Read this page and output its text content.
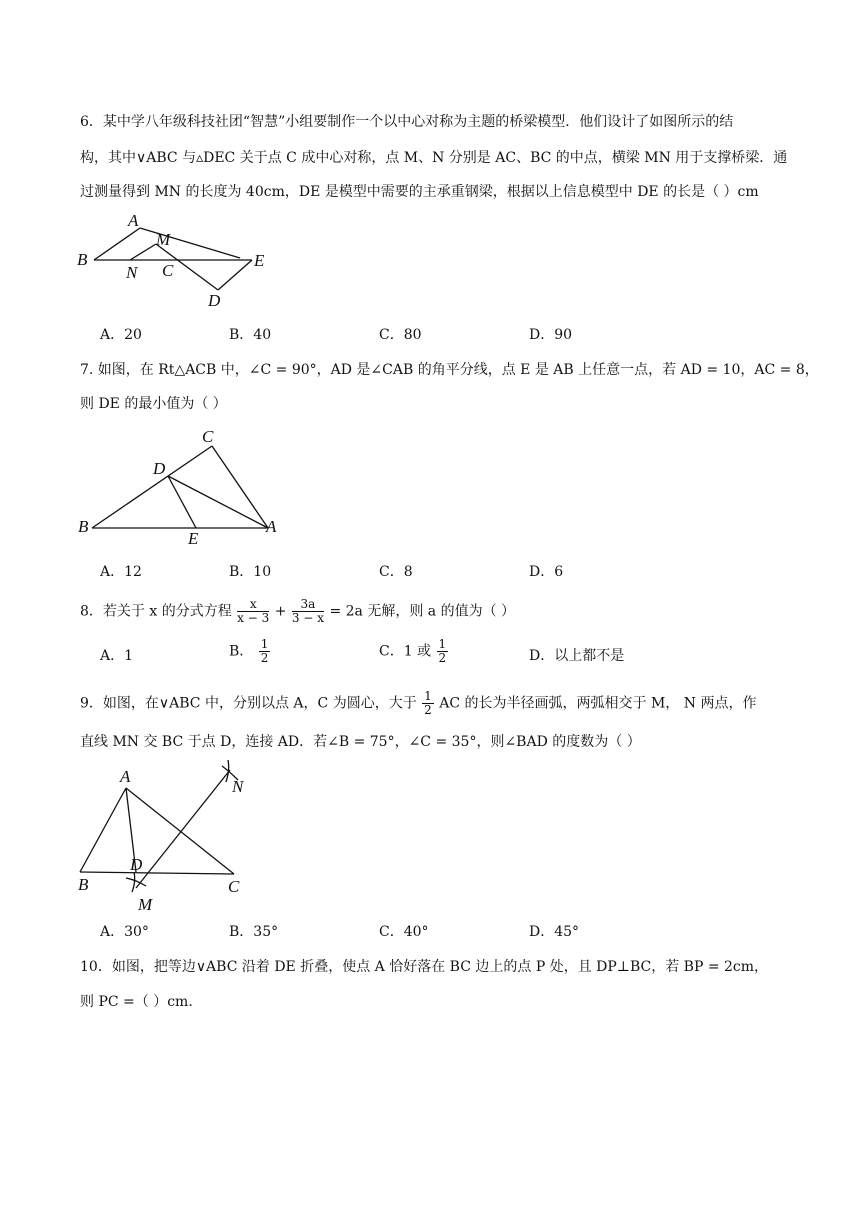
6．某中学八年级科技社团“智慧”小组要制作一个以中心对称为主题的桥梁模型．他们设计了如图所示的结
构，其中∨ABC 与▵DEC 关于点 C 成中心对称，点 M、N 分别是 AC、BC 的中点，横梁 MN 用于支撑桥梁．通
过测量得到 MN 的长度为 40cm，DE 是模型中需要的主承重钢梁，根据以上信息模型中 DE 的长是（ ）cm
A
M
B
N C
E
D
A．20	B．40	C．80	D．90
7. 如图，在 Rt△ACB 中，∠C = 90°，AD 是∠CAB 的角平分线，点 E 是 AB 上任意一点，若 AD = 10，AC = 8，
则 DE 的最小值为（ ）
C
D
B
E
A
A．12	B．10	C．8	D．6
8．若关于 x 的分式方程 $\frac{x}{x - 3} + \frac{3a}{3 - x} = 2a$ 无解，则 a 的值为（ ）
A．1	B． $\frac{1}{2}$	C．1 或 $\frac{1}{2}$	D．以上都不是
9．如图，在∨ABC 中，分别以点 A，C 为圆心，大于 $\frac{1}{2}$ AC 的长为半径画弧，两弧相交于 M， N 两点，作
直线 MN 交 BC 于点 D，连接 AD．若∠B = 75°，∠C = 35°，则∠BAD 的度数为（ ）
A
N
D
B	C
M
A．30°	B．35°	C．40°	D．45°
10．如图，把等边∨ABC 沿着 DE 折叠，使点 A 恰好落在 BC 边上的点 P 处，且 DP⊥BC，若 BP = 2cm，
则 PC =（ ）cm.
